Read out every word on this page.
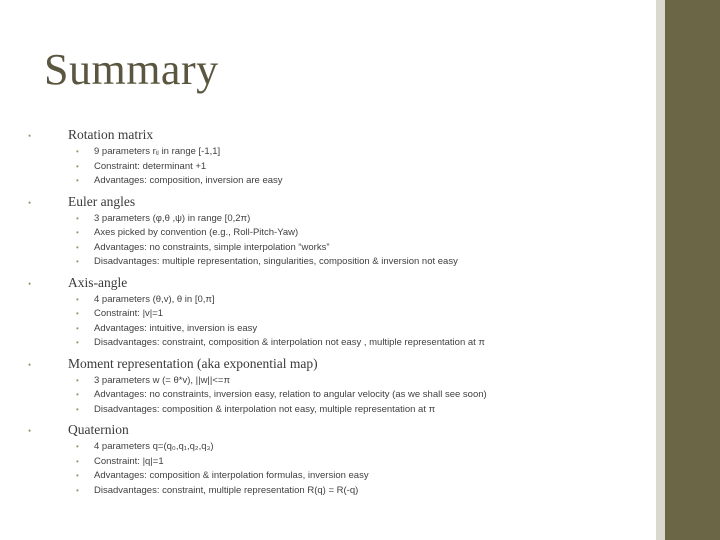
Summary
•	Rotation matrix
•	9 parameters rᵢⱼ in range [-1,1]
•	Constraint: determinant +1
•	Advantages: composition, inversion are easy
•	Euler angles
•	3 parameters (φ,θ ,ψ) in range [0,2π)
•	Axes picked by convention (e.g., Roll-Pitch-Yaw)
•	Advantages: no constraints, simple interpolation “works”
•	Disadvantages: multiple representation, singularities, composition & inversion not easy
•	Axis-angle
•	4 parameters (θ,v), θ in [0,π]
•	Constraint: |v|=1
•	Advantages: intuitive, inversion is easy
•	Disadvantages: constraint, composition & interpolation not easy , multiple representation at π
•	Moment representation (aka exponential map)
•	3 parameters w (= θ*v), ||w||<=π
•	Advantages: no constraints, inversion easy, relation to angular velocity (as we shall see soon)
•	Disadvantages: composition & interpolation not easy, multiple representation at π
•	Quaternion
•	4 parameters q=(q₀,q₁,q₂,q₃)
•	Constraint: |q|=1
•	Advantages: composition & interpolation formulas, inversion easy
•	Disadvantages: constraint, multiple representation R(q) = R(-q)
